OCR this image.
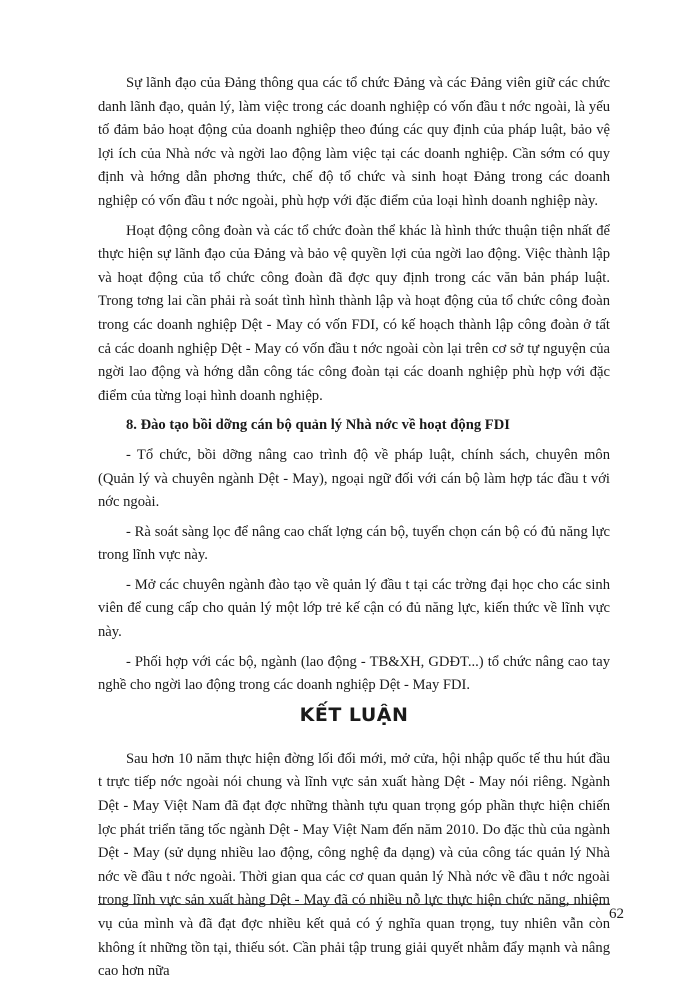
Sự lãnh đạo của Đảng thông qua các tổ chức Đảng và các Đảng viên giữ các chức danh lãnh đạo, quản lý, làm việc trong các doanh nghiệp có vốn đầu t nớc ngoài, là yếu tố đảm bảo hoạt động của doanh nghiệp theo đúng các quy định của pháp luật, bảo vệ lợi ích của Nhà nớc và ngời lao động làm việc tại các doanh nghiệp. Cần sớm có quy định và hớng dẫn phơng thức, chế độ tổ chức và sinh hoạt Đảng trong các doanh nghiệp có vốn đầu t nớc ngoài, phù hợp với đặc điểm của loại hình doanh nghiệp này.

Hoạt động công đoàn và các tổ chức đoàn thể khác là hình thức thuận tiện nhất để thực hiện sự lãnh đạo của Đảng và bảo vệ quyền lợi của ngời lao động. Việc thành lập và hoạt động của tổ chức công đoàn đã đợc quy định trong các văn bản pháp luật. Trong tơng lai cần phải rà soát tình hình thành lập và hoạt động của tổ chức công đoàn trong các doanh nghiệp Dệt - May có vốn FDI, có kế hoạch thành lập công đoàn ở tất cả các doanh nghiệp Dệt - May có vốn đầu t nớc ngoài còn lại trên cơ sở tự nguyện của ngời lao động và hớng dẫn công tác công đoàn tại các doanh nghiệp phù hợp với đặc điểm của từng loại hình doanh nghiệp.

8. Đào tạo bồi dỡng cán bộ quản lý Nhà nớc về hoạt động FDI

- Tổ chức, bồi dỡng nâng cao trình độ về pháp luật, chính sách, chuyên môn (Quản lý và chuyên ngành Dệt - May), ngoại ngữ đối với cán bộ làm hợp tác đầu t với nớc ngoài.

- Rà soát sàng lọc để nâng cao chất lợng cán bộ, tuyển chọn cán bộ có đủ năng lực trong lĩnh vực này.

- Mở các chuyên ngành đào tạo về quản lý đầu t tại các trờng đại học cho các sinh viên để cung cấp cho quản lý một lớp trẻ kế cận có đủ năng lực, kiến thức về lĩnh vực này.

- Phối hợp với các bộ, ngành (lao động - TB&XH, GDĐT...) tổ chức nâng cao tay nghề cho ngời lao động trong các doanh nghiệp Dệt - May FDI.

KẾT LUẬN

Sau hơn 10 năm thực hiện đờng lối đổi mới, mở cửa, hội nhập quốc tế thu hút đầu t trực tiếp nớc ngoài nói chung và lĩnh vực sản xuất hàng Dệt - May nói riêng. Ngành Dệt - May Việt Nam đã đạt đợc những thành tựu quan trọng góp phần thực hiện chiến lợc phát triển tăng tốc ngành Dệt - May Việt Nam đến năm 2010. Do đặc thù của ngành Dệt - May (sử dụng nhiều lao động, công nghệ đa dạng) và của công tác quản lý Nhà nớc về đầu t nớc ngoài. Thời gian qua các cơ quan quản lý Nhà nớc về đầu t nớc ngoài trong lĩnh vực sản xuất hàng Dệt - May đã có nhiều nỗ lực thực hiện chức năng, nhiệm vụ của mình và đã đạt đợc nhiều kết quả có ý nghĩa quan trọng, tuy nhiên vẫn còn không ít những tồn tại, thiếu sót. Cần phải tập trung giải quyết nhằm đẩy mạnh và nâng cao hơn nữa

62
